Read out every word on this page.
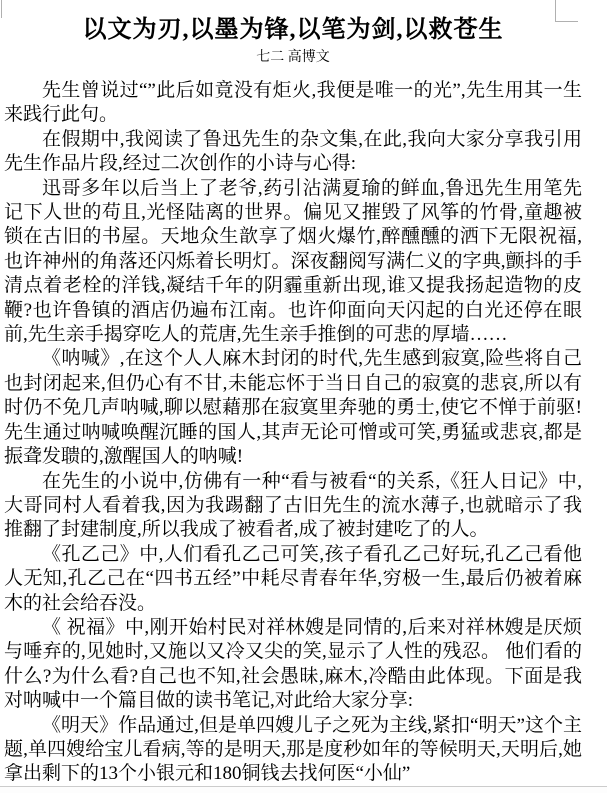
以文为刃,以墨为锋,以笔为剑,以救苍生
七二 高博文

先生曾说过“”此后如竟没有炬火,我便是唯一的光”,先生用其一生来践行此句。

在假期中,我阅读了鲁迅先生的杂文集,在此,我向大家分享我引用先生作品片段,经过二次创作的小诗与心得:

迅哥多年以后当上了老爷,药引沾满夏瑜的鲜血,鲁迅先生用笔先记下人世的苟且,光怪陆离的世界。偏见又摧毁了风筝的竹骨,童趣被锁在古旧的书屋。天地众生歆享了烟火爆竹,醉醺醺的洒下无限祝福,也许神州的角落还闪烁着长明灯。深夜翻阅写满仁义的字典,颤抖的手清点着老栓的洋钱,凝结千年的阴霾重新出现,谁又提我扬起造物的皮鞭?也许鲁镇的酒店仍遍布江南。也许仰面向天闪起的白光还停在眼前,先生亲手揭穿吃人的荒唐,先生亲手推倒的可悲的厚墙……

《呐喊》,在这个人人麻木封闭的时代,先生感到寂寞,险些将自己也封闭起来,但仍心有不甘,未能忘怀于当日自己的寂寞的悲哀,所以有时仍不免几声呐喊,聊以慰藉那在寂寞里奔驰的勇士,使它不惮于前驱!先生通过呐喊唤醒沉睡的国人,其声无论可憎或可笑,勇猛或悲哀,都是振聋发聩的,激醒国人的呐喊!

在先生的小说中,仿佛有一种“看与被看“的关系,《狂人日记》中,大哥同村人看着我,因为我踢翻了古旧先生的流水薄子,也就暗示了我推翻了封建制度,所以我成了被看者,成了被封建吃了的人。

《孔乙己》中,人们看孔乙己可笑,孩子看孔乙己好玩,孔乙己看他人无知,孔乙己在“四书五经”中耗尽青春年华,穷极一生,最后仍被着麻木的社会给吞没。

《 祝福》中,刚开始村民对祥林嫂是同情的,后来对祥林嫂是厌烦与唾弃的,见她时,又施以又冷又尖的笑,显示了人性的残忍。 他们看的什么?为什么看?自己也不知,社会愚昧,麻木,冷酷由此体现。下面是我对呐喊中一个篇目做的读书笔记,对此给大家分享:

《明天》作品通过,但是单四嫂儿子之死为主线,紧扣“明天”这个主题,单四嫂给宝儿看病,等的是明天,那是度秒如年的等候明天,天明后,她拿出剩下的13个小银元和180铜钱去找何医“小仙”
